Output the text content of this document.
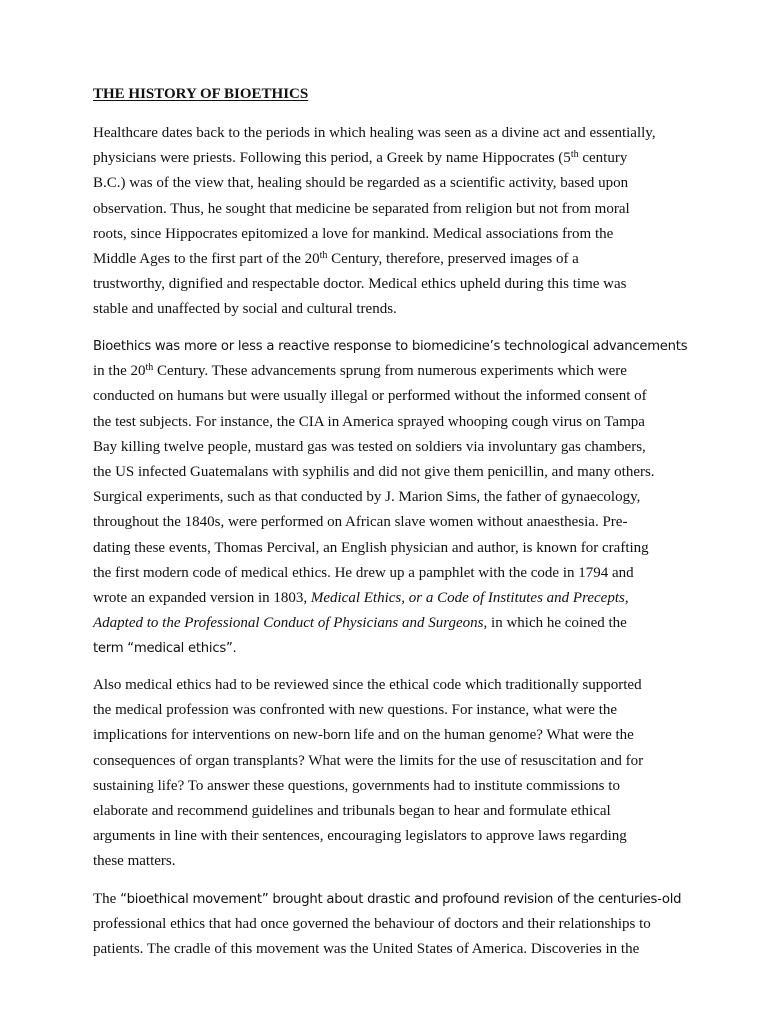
THE HISTORY OF BIOETHICS
Healthcare dates back to the periods in which healing was seen as a divine act and essentially,
physicians were priests. Following this period, a Greek by name Hippocrates (5th century
B.C.) was of the view that, healing should be regarded as a scientific activity, based upon
observation. Thus, he sought that medicine be separated from religion but not from moral
roots, since Hippocrates epitomized a love for mankind. Medical associations from the
Middle Ages to the first part of the 20th Century, therefore, preserved images of a
trustworthy, dignified and respectable doctor. Medical ethics upheld during this time was
stable and unaffected by social and cultural trends.
Bioethics was more or less a reactive response to biomedicine’s technological advancements
in the 20th Century. These advancements sprung from numerous experiments which were
conducted on humans but were usually illegal or performed without the informed consent of
the test subjects. For instance, the CIA in America sprayed whooping cough virus on Tampa
Bay killing twelve people, mustard gas was tested on soldiers via involuntary gas chambers,
the US infected Guatemalans with syphilis and did not give them penicillin, and many others.
Surgical experiments, such as that conducted by J. Marion Sims, the father of gynaecology,
throughout the 1840s, were performed on African slave women without anaesthesia. Pre-
dating these events, Thomas Percival, an English physician and author, is known for crafting
the first modern code of medical ethics. He drew up a pamphlet with the code in 1794 and
wrote an expanded version in 1803, Medical Ethics, or a Code of Institutes and Precepts,
Adapted to the Professional Conduct of Physicians and Surgeons, in which he coined the
term “medical ethics”.
Also medical ethics had to be reviewed since the ethical code which traditionally supported
the medical profession was confronted with new questions. For instance, what were the
implications for interventions on new-born life and on the human genome? What were the
consequences of organ transplants? What were the limits for the use of resuscitation and for
sustaining life? To answer these questions, governments had to institute commissions to
elaborate and recommend guidelines and tribunals began to hear and formulate ethical
arguments in line with their sentences, encouraging legislators to approve laws regarding
these matters.
The “bioethical movement” brought about drastic and profound revision of the centuries-old
professional ethics that had once governed the behaviour of doctors and their relationships to
patients. The cradle of this movement was the United States of America. Discoveries in the
